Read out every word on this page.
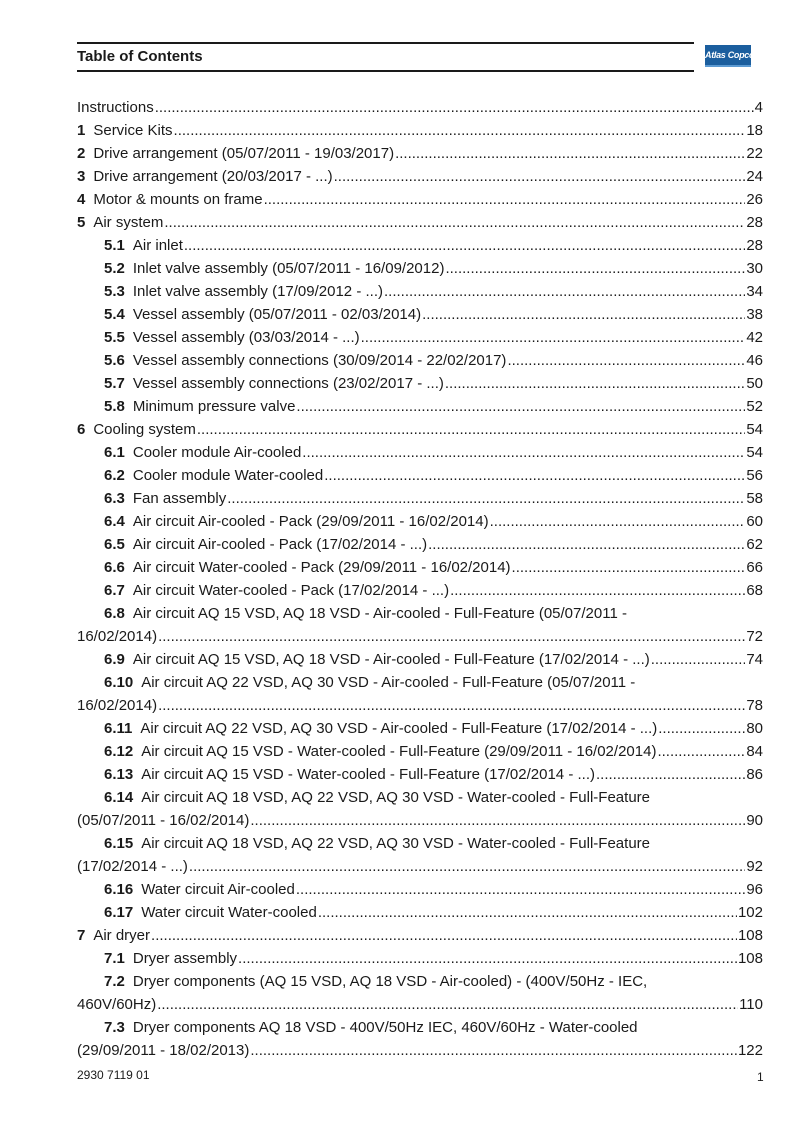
Table of Contents	Atlas Copco
Instructions .....	4
1 Service Kits .....	18
2 Drive arrangement (05/07/2011 - 19/03/2017) .....	22
3 Drive arrangement (20/03/2017 - ...) .....	24
4 Motor & mounts on frame .....	26
5 Air system .....	28
5.1 Air inlet .....	28
5.2 Inlet valve assembly (05/07/2011 - 16/09/2012) .....	30
5.3 Inlet valve assembly (17/09/2012 - ...) .....	34
5.4 Vessel assembly (05/07/2011 - 02/03/2014) .....	38
5.5 Vessel assembly (03/03/2014 - ...) .....	42
5.6 Vessel assembly connections (30/09/2014 - 22/02/2017) .....	46
5.7 Vessel assembly connections (23/02/2017 - ...) .....	50
5.8 Minimum pressure valve .....	52
6 Cooling system .....	54
6.1 Cooler module Air-cooled .....	54
6.2 Cooler module Water-cooled .....	56
6.3 Fan assembly .....	58
6.4 Air circuit Air-cooled - Pack (29/09/2011 - 16/02/2014) .....	60
6.5 Air circuit Air-cooled - Pack (17/02/2014 - ...) .....	62
6.6 Air circuit Water-cooled - Pack (29/09/2011 - 16/02/2014) .....	66
6.7 Air circuit Water-cooled - Pack (17/02/2014 - ...) .....	68
6.8 Air circuit AQ 15 VSD, AQ 18 VSD - Air-cooled - Full-Feature (05/07/2011 -
16/02/2014) .....	72
6.9 Air circuit AQ 15 VSD, AQ 18 VSD - Air-cooled - Full-Feature (17/02/2014 - ...) .....	74
6.10 Air circuit AQ 22 VSD, AQ 30 VSD - Air-cooled - Full-Feature (05/07/2011 -
16/02/2014) .....	78
6.11 Air circuit AQ 22 VSD, AQ 30 VSD - Air-cooled - Full-Feature (17/02/2014 - ...) .....	80
6.12 Air circuit AQ 15 VSD - Water-cooled - Full-Feature (29/09/2011 - 16/02/2014) .....	84
6.13 Air circuit AQ 15 VSD - Water-cooled - Full-Feature (17/02/2014 - ...) .....	86
6.14 Air circuit AQ 18 VSD, AQ 22 VSD, AQ 30 VSD - Water-cooled - Full-Feature
(05/07/2011 - 16/02/2014) .....	90
6.15 Air circuit AQ 18 VSD, AQ 22 VSD, AQ 30 VSD - Water-cooled - Full-Feature
(17/02/2014 - ...) .....	92
6.16 Water circuit Air-cooled .....	96
6.17 Water circuit Water-cooled .....	102
7 Air dryer .....	108
7.1 Dryer assembly .....	108
7.2 Dryer components (AQ 15 VSD, AQ 18 VSD - Air-cooled) - (400V/50Hz - IEC,
460V/60Hz) .....	110
7.3 Dryer components AQ 18 VSD - 400V/50Hz IEC, 460V/60Hz - Water-cooled
(29/09/2011 - 18/02/2013) .....	122
2930 7119 01	1
